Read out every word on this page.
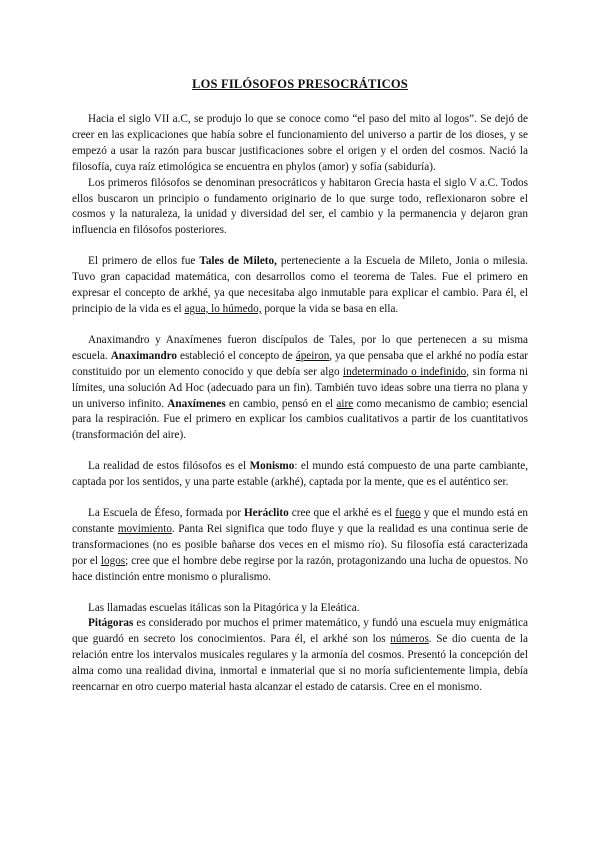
LOS FILÓSOFOS PRESOCRÁTICOS

Hacia el siglo VII a.C, se produjo lo que se conoce como “el paso del mito al logos”. Se dejó de creer en las explicaciones que había sobre el funcionamiento del universo a partir de los dioses, y se empezó a usar la razón para buscar justificaciones sobre el origen y el orden del cosmos. Nació la filosofía, cuya raíz etimológica se encuentra en phylos (amor) y sofía (sabiduría).

Los primeros filósofos se denominan presocráticos y habitaron Grecia hasta el siglo V a.C. Todos ellos buscaron un principio o fundamento originario de lo que surge todo, reflexionaron sobre el cosmos y la naturaleza, la unidad y diversidad del ser, el cambio y la permanencia y dejaron gran influencia en filósofos posteriores.

El primero de ellos fue Tales de Mileto, perteneciente a la Escuela de Mileto, Jonia o milesia. Tuvo gran capacidad matemática, con desarrollos como el teorema de Tales. Fue el primero en expresar el concepto de arkhé, ya que necesitaba algo inmutable para explicar el cambio. Para él, el principio de la vida es el agua, lo húmedo, porque la vida se basa en ella.

Anaximandro y Anaxímenes fueron discípulos de Tales, por lo que pertenecen a su misma escuela. Anaximandro estableció el concepto de ápeiron, ya que pensaba que el arkhé no podía estar constituido por un elemento conocido y que debía ser algo indeterminado o indefinido, sin forma ni límites, una solución Ad Hoc (adecuado para un fin). También tuvo ideas sobre una tierra no plana y un universo infinito. Anaxímenes en cambio, pensó en el aire como mecanismo de cambio; esencial para la respiración. Fue el primero en explicar los cambios cualitativos a partir de los cuantitativos (transformación del aire).

La realidad de estos filósofos es el Monismo: el mundo está compuesto de una parte cambiante, captada por los sentidos, y una parte estable (arkhé), captada por la mente, que es el auténtico ser.

La Escuela de Éfeso, formada por Heráclito cree que el arkhé es el fuego y que el mundo está en constante movimiento. Panta Rei significa que todo fluye y que la realidad es una continua serie de transformaciones (no es posible bañarse dos veces en el mismo río). Su filosofía está caracterizada por el logos; cree que el hombre debe regirse por la razón, protagonizando una lucha de opuestos. No hace distinción entre monismo o pluralismo.

Las llamadas escuelas itálicas son la Pitagórica y la Eleática.

Pitágoras es considerado por muchos el primer matemático, y fundó una escuela muy enigmática que guardó en secreto los conocimientos. Para él, el arkhé son los números. Se dio cuenta de la relación entre los intervalos musicales regulares y la armonía del cosmos. Presentó la concepción del alma como una realidad divina, inmortal e inmaterial que si no moría suficientemente limpia, debía reencarnar en otro cuerpo material hasta alcanzar el estado de catarsis. Cree en el monismo.
